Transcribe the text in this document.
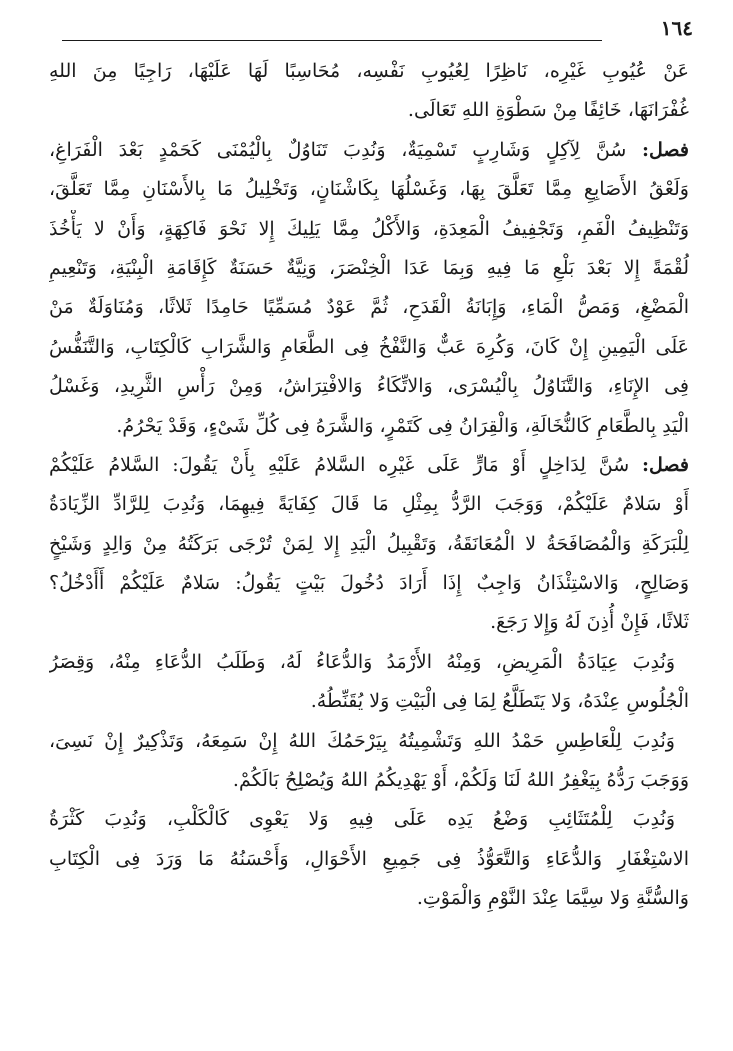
١٦٤
عَنْ عُيُوبِ غَيْرِه، نَاظِرًا لِعُيُوبِ نَفْسِه، مُحَاسِبًا لَهَا عَلَيْهَا، رَاجِيًا مِنَ اللهِ
غُفْرَانَهَا، خَائِفًا مِنْ سَطْوَةِ اللهِ تَعَالَى.
فصل: سُنَّ لِآكِلٍ وَشَارِبٍ تَسْمِيَةٌ، وَنُدِبَ تَنَاوُلٌ بِالْيُمْنَى كَحَمْدٍ بَعْدَ الْفَرَاغِ،
وَلَعْقُ الأَصَابِعِ مِمَّا تَعَلَّقَ بِهَا، وَغَسْلُهَا بِكَاشْنَانٍ، وَتَخْلِيلُ مَا بِالأَسْنَانِ مِمَّا تَعَلَّقَ،
وَتَنْظِيفُ الْفَمِ، وَتَجْفِيفُ الْمَعِدَةِ، وَالأَكْلُ مِمَّا يَلِيكَ إِلا نَحْوَ فَاكِهَةٍ، وَأَنْ لا يَأْخُذَ
لُقْمَةً إِلا بَعْدَ بَلْعِ مَا فِيهِ وَبِمَا عَدَا الْخِنْصَرَ، وَنِيَّةٌ حَسَنَةٌ كَإِقَامَةِ الْبِنْيَةِ، وَتَنْعِيمِ
الْمَضْغِ، وَمَصُّ الْمَاءِ، وَإِبَانَةُ الْقَدَحِ، ثُمَّ عَوْدٌ مُسَمِّيًا حَامِدًا ثَلاثًا، وَمُنَاوَلَةٌ مَنْ
عَلَى الْيَمِينِ إِنْ كَانَ، وَكُرِهَ عَبٌّ وَالنَّفْخُ فِى الطَّعَامِ وَالشَّرَابِ كَالْكِتَابِ، وَالتَّنَفُّسُ
فِى الإِنَاءِ، وَالتَّنَاوُلُ بِالْيُسْرَى، وَالاتِّكَاءُ وَالافْتِرَاشُ، وَمِنْ رَأْسِ الثَّرِيدِ، وَغَسْلُ
الْيَدِ بِالطَّعَامِ كَالنُّخَالَةِ، وَالْقِرَانُ فِى كَتَمْرٍ، وَالشَّرَهُ فِى كُلِّ شَىْءٍ، وَقَدْ يَحْرُمُ.
فصل: سُنَّ لِدَاخِلٍ أَوْ مَارٍّ عَلَى غَيْرِه السَّلامُ عَلَيْهِ بِأَنْ يَقُولَ: السَّلامُ عَلَيْكُمْ
أَوْ سَلامٌ عَلَيْكُمْ، وَوَجَبَ الرَّدُّ بِمِثْلِ مَا قَالَ كِفَايَةً فِيهِمَا، وَنُدِبَ لِلرَّادِّ الزِّيَادَةُ
لِلْبَرَكَةِ وَالْمُصَافَحَةُ لا الْمُعَانَقَةُ، وَتَقْبِيلُ الْيَدِ إِلا لِمَنْ تُرْجَى بَرَكَتُهُ مِنْ وَالِدٍ وَشَيْخٍ
وَصَالِحٍ، وَالاسْتِئْذَانُ وَاجِبٌ إِذَا أَرَادَ دُخُولَ بَيْتٍ يَقُولُ: سَلامٌ عَلَيْكُمْ أَأَدْخُلُ؟
ثَلاثًا، فَإِنْ أُذِنَ لَهُ وَإِلا رَجَعَ.
وَنُدِبَ عِيَادَةُ الْمَرِيضِ، وَمِنْهُ الأَرْمَدُ وَالدُّعَاءُ لَهُ، وَطَلَبُ الدُّعَاءِ مِنْهُ، وَقِصَرُ
الْجُلُوسِ عِنْدَهُ، وَلا يَتَطَلَّعُ لِمَا فِى الْبَيْتِ وَلا يُقَنِّطُهُ.
وَنُدِبَ لِلْعَاطِسِ حَمْدُ اللهِ وَتَشْمِيتُهُ بِيَرْحَمُكَ اللهُ إِنْ سَمِعَهُ، وَتَذْكِيرٌ إِنْ نَسِىَ،
وَوَجَبَ رَدُّهُ بِيَغْفِرُ اللهُ لَنَا وَلَكُمْ، أَوْ يَهْدِيكُمُ اللهُ وَيُصْلِحُ بَالَكُمْ.
وَنُدِبَ لِلْمُتَثَائِبِ وَضْعُ يَدِه عَلَى فِيهِ وَلا يَعْوِى كَالْكَلْبِ، وَنُدِبَ كَثْرَةُ
الاسْتِغْفَارِ وَالدُّعَاءِ وَالتَّعَوُّذُ فِى جَمِيعِ الأَحْوَالِ، وَأَحْسَنُهُ مَا وَرَدَ فِى الْكِتَابِ
وَالسُّنَّةِ وَلا سِيَّمَا عِنْدَ النَّوْمِ وَالْمَوْتِ.
